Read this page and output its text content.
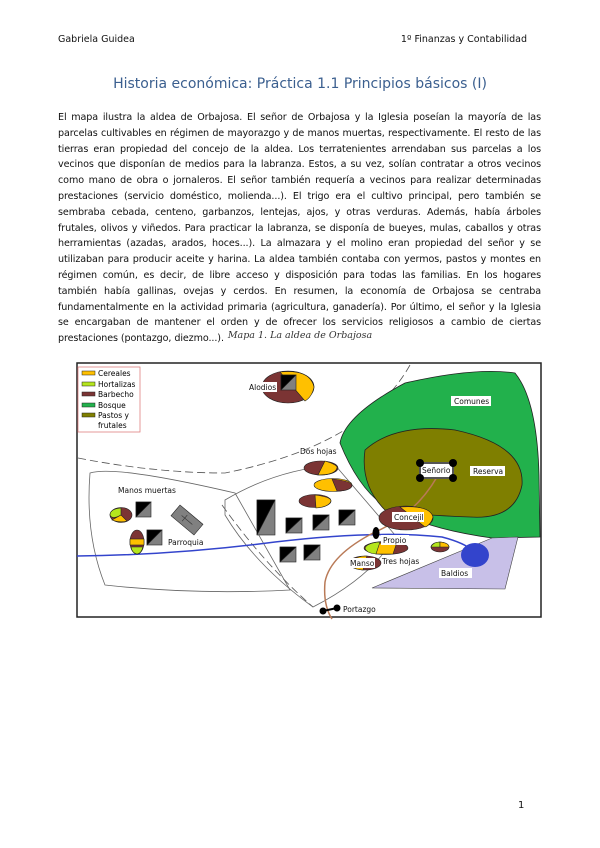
Gabriela Guidea	1º Finanzas y Contabilidad
Historia económica: Práctica 1.1 Principios básicos (I)
El mapa ilustra la aldea de Orbajosa. El señor de Orbajosa y la Iglesia poseían la mayoría de las parcelas cultivables en régimen de mayorazgo y de manos muertas, respectivamente. El resto de las tierras eran propiedad del concejo de la aldea. Los terratenientes arrendaban sus parcelas a los vecinos que disponían de medios para la labranza. Estos, a su vez, solían contratar a otros vecinos como mano de obra o jornaleros. El señor también requería a vecinos para realizar determinadas prestaciones (servicio doméstico, molienda...). El trigo era el cultivo principal, pero también se sembraba cebada, centeno, garbanzos, lentejas, ajos, y otras verduras. Además, había árboles frutales, olivos y viñedos. Para practicar la labranza, se disponía de bueyes, mulas, caballos y otras herramientas (azadas, arados, hoces...). La almazara y el molino eran propiedad del señor y se utilizaban para producir aceite y harina. La aldea también contaba con yermos, pastos y montes en régimen común, es decir, de libre acceso y disposición para todas las familias. En los hogares también había gallinas, ovejas y cerdos. En resumen, la economía de Orbajosa se centraba fundamentalmente en la actividad primaria (agricultura, ganadería). Por último, el señor y la Iglesia se encargaban de mantener el orden y de ofrecer los servicios religiosos a cambio de ciertas prestaciones (pontazgo, diezmo...). Mapa 1. La aldea de Orbajosa
Cereales
Hortalizas
Barbecho
Bosque
Pastos y
frutales
Alodios
Comunes
Dos hojas
Señorio	Reserva
Manos muertas
Parroquia
Concejil
Propio
Manso Tres hojas
Baldios
Portazgo
1
